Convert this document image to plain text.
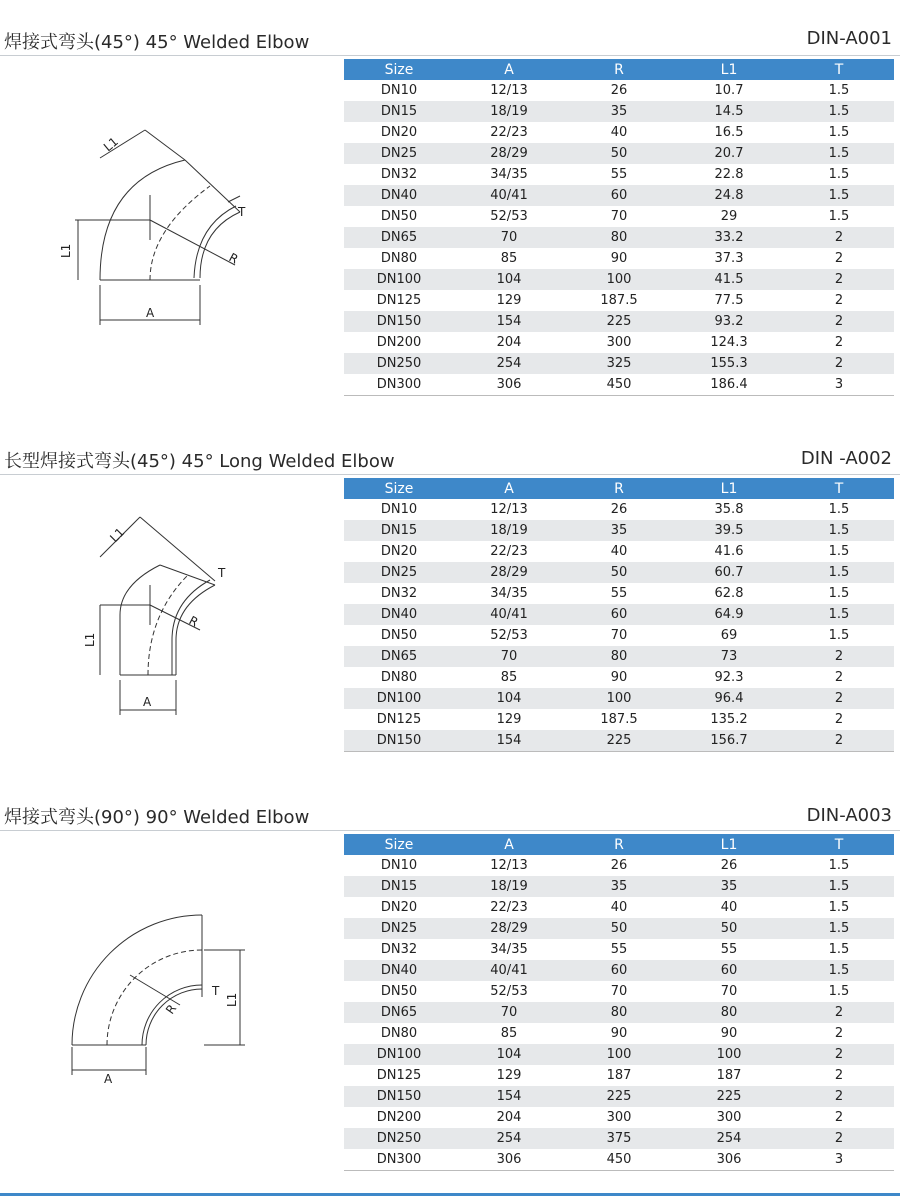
焊接式弯头(45°) 45° Welded Elbow	DIN-A001
L1
T
R
L1
A
Size	A	R	L1	T
DN10	12/13	26	10.7	1.5
DN15	18/19	35	14.5	1.5
DN20	22/23	40	16.5	1.5
DN25	28/29	50	20.7	1.5
DN32	34/35	55	22.8	1.5
DN40	40/41	60	24.8	1.5
DN50	52/53	70	29	1.5
DN65	70	80	33.2	2
DN80	85	90	37.3	2
DN100	104	100	41.5	2
DN125	129	187.5	77.5	2
DN150	154	225	93.2	2
DN200	204	300	124.3	2
DN250	254	325	155.3	2
DN300	306	450	186.4	3
长型焊接式弯头(45°) 45° Long Welded Elbow	DIN -A002
L1
T
R
L1
A
Size	A	R	L1	T
DN10	12/13	26	35.8	1.5
DN15	18/19	35	39.5	1.5
DN20	22/23	40	41.6	1.5
DN25	28/29	50	60.7	1.5
DN32	34/35	55	62.8	1.5
DN40	40/41	60	64.9	1.5
DN50	52/53	70	69	1.5
DN65	70	80	73	2
DN80	85	90	92.3	2
DN100	104	100	96.4	2
DN125	129	187.5	135.2	2
DN150	154	225	156.7	2
焊接式弯头(90°) 90° Welded Elbow	DIN-A003
T
R
L1
A
Size	A	R	L1	T
DN10	12/13	26	26	1.5
DN15	18/19	35	35	1.5
DN20	22/23	40	40	1.5
DN25	28/29	50	50	1.5
DN32	34/35	55	55	1.5
DN40	40/41	60	60	1.5
DN50	52/53	70	70	1.5
DN65	70	80	80	2
DN80	85	90	90	2
DN100	104	100	100	2
DN125	129	187	187	2
DN150	154	225	225	2
DN200	204	300	300	2
DN250	254	375	254	2
DN300	306	450	306	3
